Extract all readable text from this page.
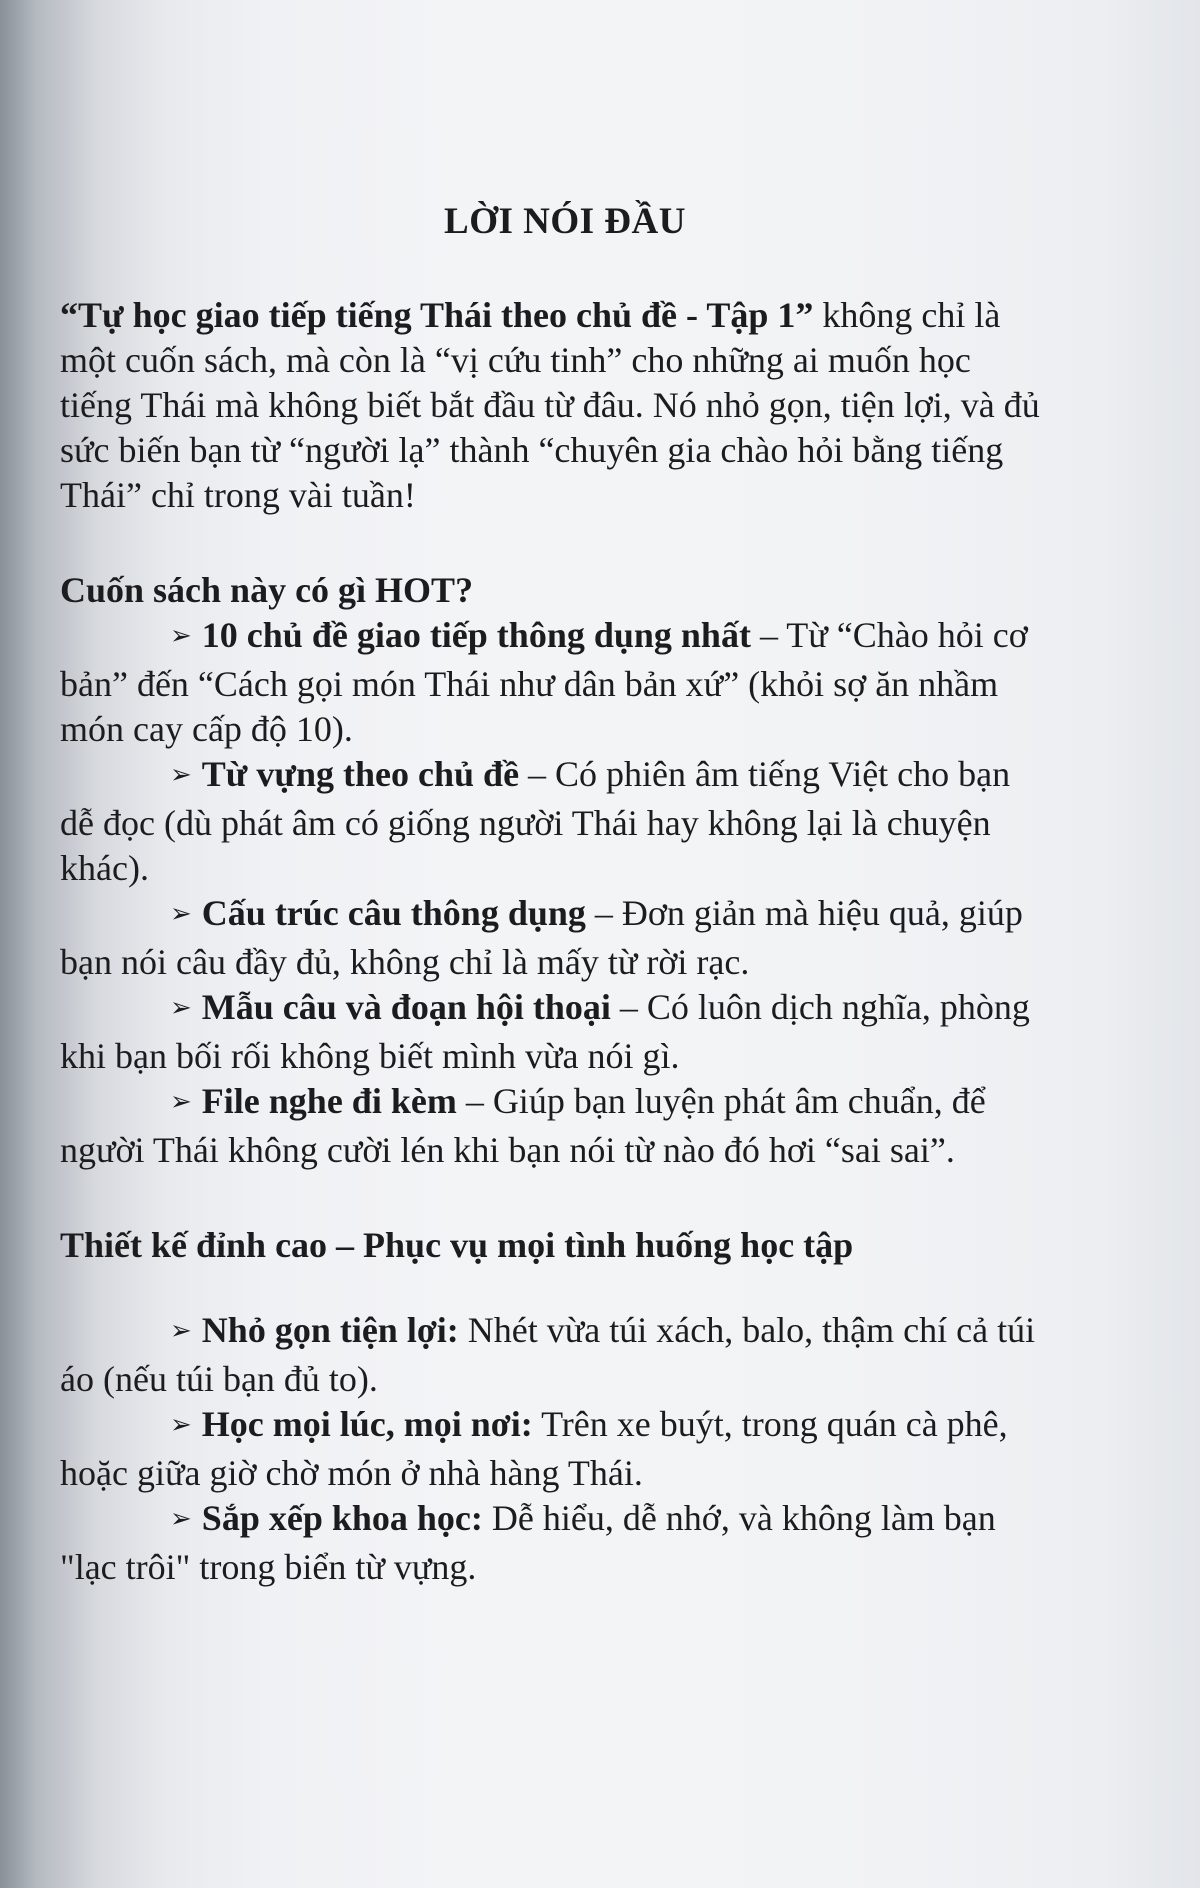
LỜI NÓI ĐẦU

“Tự học giao tiếp tiếng Thái theo chủ đề - Tập 1” không chỉ là một cuốn sách, mà còn là “vị cứu tinh” cho những ai muốn học tiếng Thái mà không biết bắt đầu từ đâu. Nó nhỏ gọn, tiện lợi, và đủ sức biến bạn từ “người lạ” thành “chuyên gia chào hỏi bằng tiếng Thái” chỉ trong vài tuần!

Cuốn sách này có gì HOT?

➢ 10 chủ đề giao tiếp thông dụng nhất – Từ “Chào hỏi cơ bản” đến “Cách gọi món Thái như dân bản xứ” (khỏi sợ ăn nhầm món cay cấp độ 10).

➢ Từ vựng theo chủ đề – Có phiên âm tiếng Việt cho bạn dễ đọc (dù phát âm có giống người Thái hay không lại là chuyện khác).

➢ Cấu trúc câu thông dụng – Đơn giản mà hiệu quả, giúp bạn nói câu đầy đủ, không chỉ là mấy từ rời rạc.

➢ Mẫu câu và đoạn hội thoại – Có luôn dịch nghĩa, phòng khi bạn bối rối không biết mình vừa nói gì.

➢ File nghe đi kèm – Giúp bạn luyện phát âm chuẩn, để người Thái không cười lén khi bạn nói từ nào đó hơi “sai sai”.

Thiết kế đỉnh cao – Phục vụ mọi tình huống học tập

➢ Nhỏ gọn tiện lợi: Nhét vừa túi xách, balo, thậm chí cả túi áo (nếu túi bạn đủ to).

➢ Học mọi lúc, mọi nơi: Trên xe buýt, trong quán cà phê, hoặc giữa giờ chờ món ở nhà hàng Thái.

➢ Sắp xếp khoa học: Dễ hiểu, dễ nhớ, và không làm bạn "lạc trôi" trong biển từ vựng.
